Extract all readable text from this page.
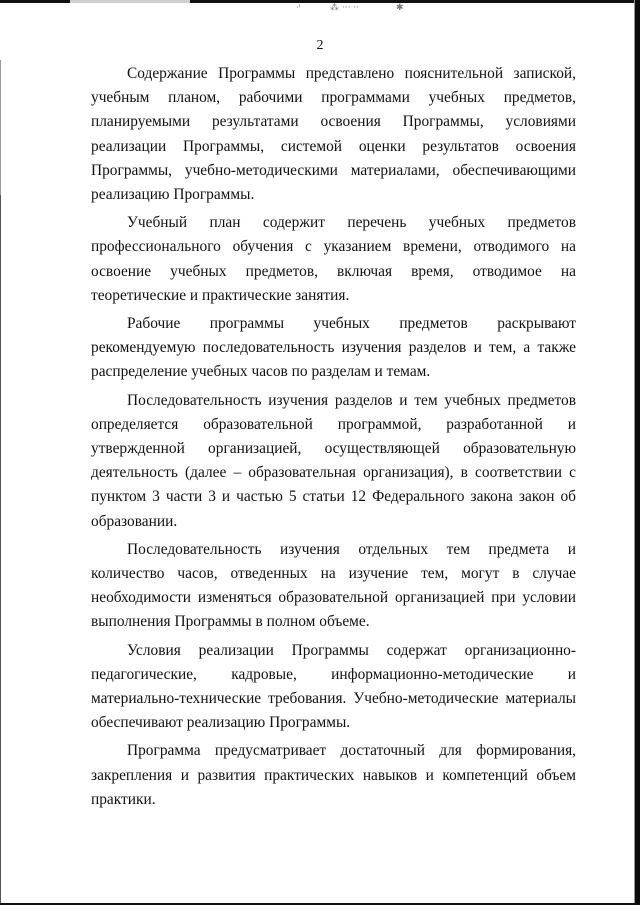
·ᵎ	⁂ ··· ··	✱
2

Содержание Программы представлено пояснительной запиской, учебным планом, рабочими программами учебных предметов, планируемыми результатами освоения Программы, условиями реализации Программы, системой оценки результатов освоения Программы, учебно-методическими материалами, обеспечивающими реализацию Программы.

Учебный план содержит перечень учебных предметов профессионального обучения с указанием времени, отводимого на освоение учебных предметов, включая время, отводимое на теоретические и практические занятия.

Рабочие программы учебных предметов раскрывают рекомендуемую последовательность изучения разделов и тем, а также распределение учебных часов по разделам и темам.

Последовательность изучения разделов и тем учебных предметов определяется образовательной программой, разработанной и утвержденной организацией, осуществляющей образовательную деятельность (далее – образовательная организация), в соответствии с пунктом 3 части 3 и частью 5 статьи 12 Федерального закона закон об образовании.

Последовательность изучения отдельных тем предмета и количество часов, отведенных на изучение тем, могут в случае необходимости изменяться образовательной организацией при условии выполнения Программы в полном объеме.

Условия реализации Программы содержат организационно-педагогические, кадровые, информационно-методические и материально-технические требования. Учебно-методические материалы обеспечивают реализацию Программы.

Программа предусматривает достаточный для формирования, закрепления и развития практических навыков и компетенций объем практики.
